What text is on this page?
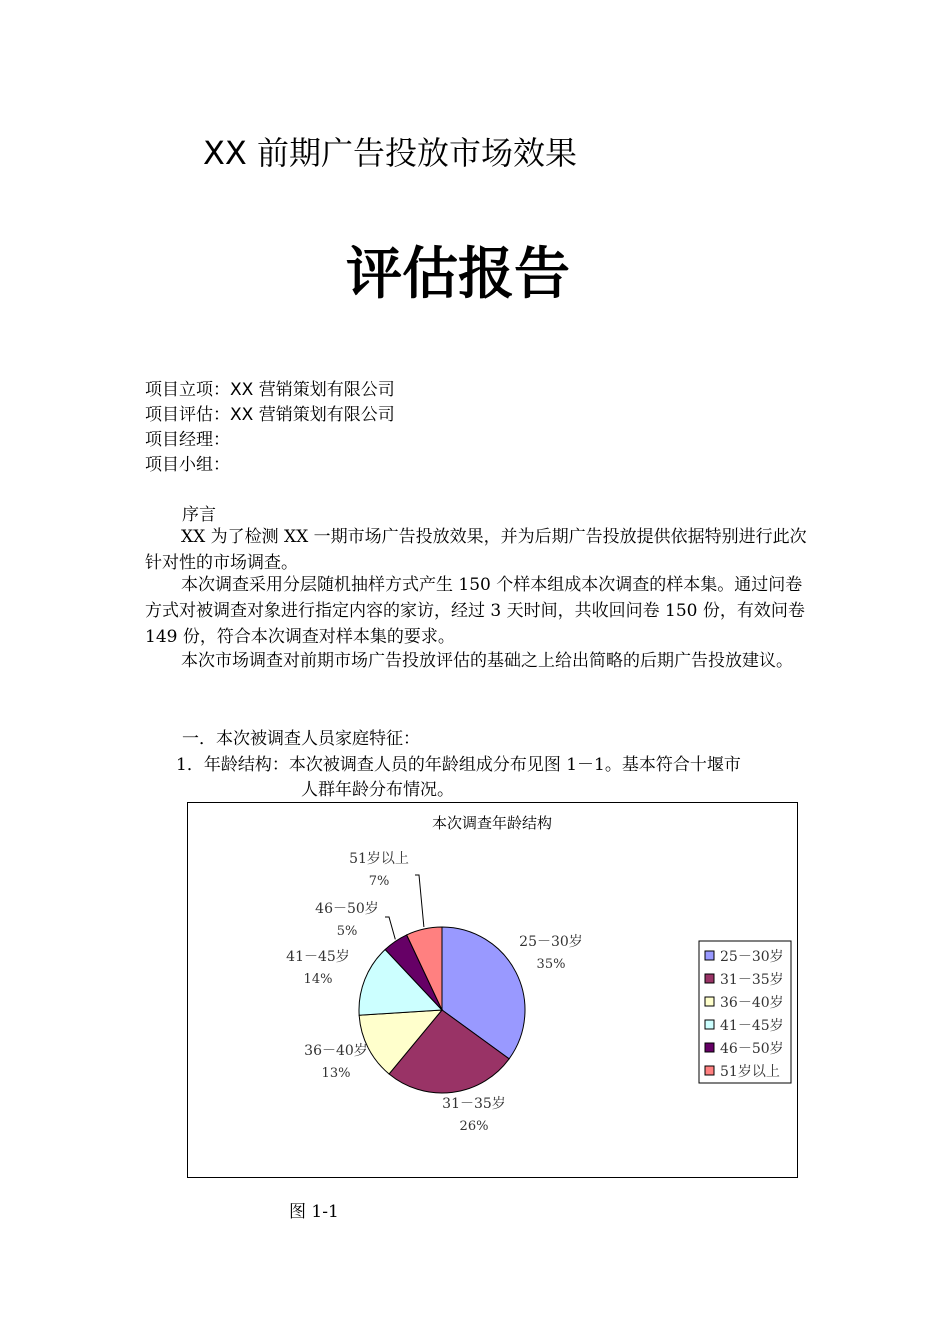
XX 前期广告投放市场效果
评估报告
项目立项：XX 营销策划有限公司
项目评估：XX 营销策划有限公司
项目经理：
项目小组：
序言
XX 为了检测 XX 一期市场广告投放效果，并为后期广告投放提供依据特别进行此次针对性的市场调查。
本次调查采用分层随机抽样方式产生 150 个样本组成本次调查的样本集。通过问卷方式对被调查对象进行指定内容的家访，经过 3 天时间，共收回问卷 150 份，有效问卷 149 份，符合本次调查对样本集的要求。
本次市场调查对前期市场广告投放评估的基础之上给出简略的后期广告投放建议。
一．本次被调查人员家庭特征：
1．年龄结构：本次被调查人员的年龄组成分布见图 1－1。基本符合十堰市
人群年龄分布情况。
本次调查年龄结构
25－30岁
35%
31－35岁
26%
36－40岁
13%
41－45岁
14%
46－50岁
5%
51岁以上
7%
25－30岁
31－35岁
36－40岁
41－45岁
46－50岁
51岁以上
图 1-1
